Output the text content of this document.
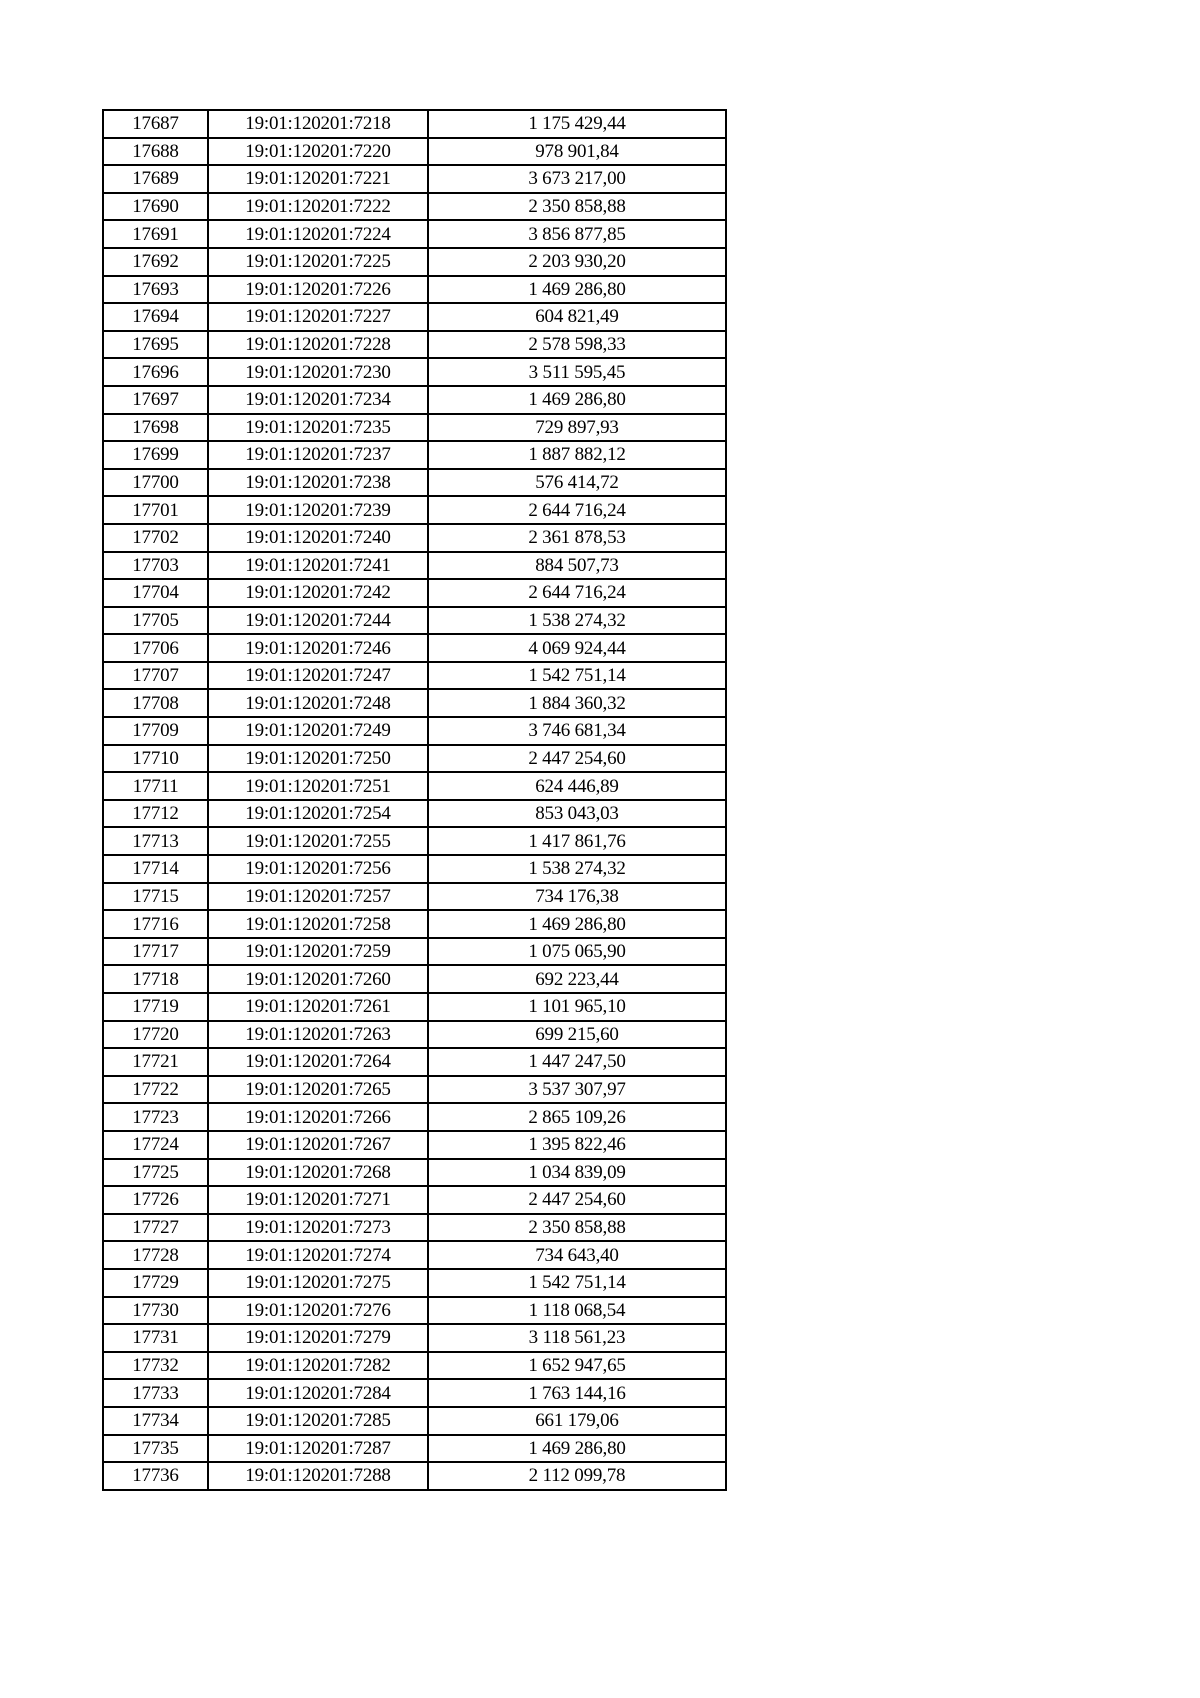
17687	19:01:120201:7218	1 175 429,44
17688	19:01:120201:7220	978 901,84
17689	19:01:120201:7221	3 673 217,00
17690	19:01:120201:7222	2 350 858,88
17691	19:01:120201:7224	3 856 877,85
17692	19:01:120201:7225	2 203 930,20
17693	19:01:120201:7226	1 469 286,80
17694	19:01:120201:7227	604 821,49
17695	19:01:120201:7228	2 578 598,33
17696	19:01:120201:7230	3 511 595,45
17697	19:01:120201:7234	1 469 286,80
17698	19:01:120201:7235	729 897,93
17699	19:01:120201:7237	1 887 882,12
17700	19:01:120201:7238	576 414,72
17701	19:01:120201:7239	2 644 716,24
17702	19:01:120201:7240	2 361 878,53
17703	19:01:120201:7241	884 507,73
17704	19:01:120201:7242	2 644 716,24
17705	19:01:120201:7244	1 538 274,32
17706	19:01:120201:7246	4 069 924,44
17707	19:01:120201:7247	1 542 751,14
17708	19:01:120201:7248	1 884 360,32
17709	19:01:120201:7249	3 746 681,34
17710	19:01:120201:7250	2 447 254,60
17711	19:01:120201:7251	624 446,89
17712	19:01:120201:7254	853 043,03
17713	19:01:120201:7255	1 417 861,76
17714	19:01:120201:7256	1 538 274,32
17715	19:01:120201:7257	734 176,38
17716	19:01:120201:7258	1 469 286,80
17717	19:01:120201:7259	1 075 065,90
17718	19:01:120201:7260	692 223,44
17719	19:01:120201:7261	1 101 965,10
17720	19:01:120201:7263	699 215,60
17721	19:01:120201:7264	1 447 247,50
17722	19:01:120201:7265	3 537 307,97
17723	19:01:120201:7266	2 865 109,26
17724	19:01:120201:7267	1 395 822,46
17725	19:01:120201:7268	1 034 839,09
17726	19:01:120201:7271	2 447 254,60
17727	19:01:120201:7273	2 350 858,88
17728	19:01:120201:7274	734 643,40
17729	19:01:120201:7275	1 542 751,14
17730	19:01:120201:7276	1 118 068,54
17731	19:01:120201:7279	3 118 561,23
17732	19:01:120201:7282	1 652 947,65
17733	19:01:120201:7284	1 763 144,16
17734	19:01:120201:7285	661 179,06
17735	19:01:120201:7287	1 469 286,80
17736	19:01:120201:7288	2 112 099,78
